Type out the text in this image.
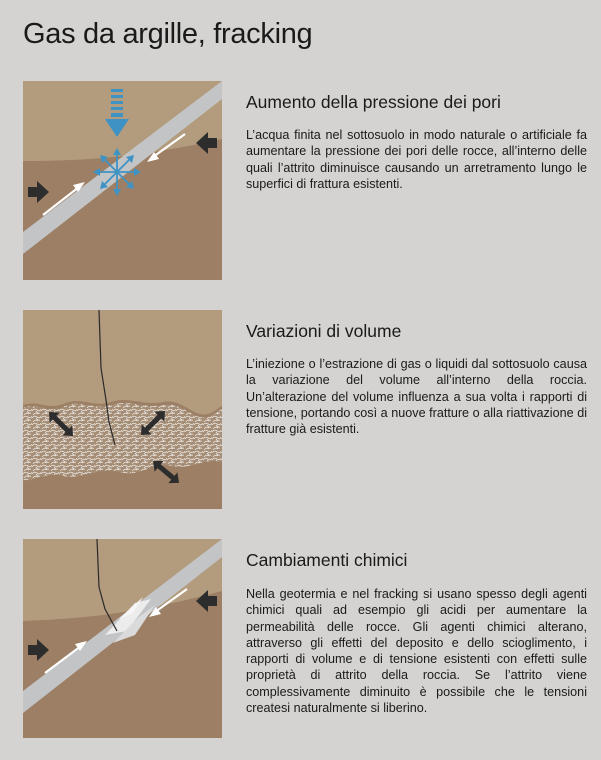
Gas da argille, fracking
Aumento della pressione dei pori

L’acqua finita nel sottosuolo in modo naturale o artificiale fa aumentare la pressione dei pori delle rocce, all’interno delle quali l’attrito diminuisce causando un arretramento lungo le superfici di frattura esistenti.

Variazioni di volume

L’iniezione o l’estrazione di gas o liquidi dal sottosuolo causa la variazione del volume all’interno della roccia. Un’alterazione del volume influenza a sua volta i rapporti di tensione, portando così a nuove fratture o alla riattivazione di fratture già esistenti.

Cambiamenti chimici

Nella geotermia e nel fracking si usano spesso degli agenti chimici quali ad esempio gli acidi per aumentare la permeabilità delle rocce. Gli agenti chimici alterano, attraverso gli effetti del deposito e dello scioglimento, i rapporti di volume e di tensione esistenti con effetti sulle proprietà di attrito della roccia. Se l’attrito viene complessivamente diminuito è possibile che le tensioni createsi naturalmente si liberino.
